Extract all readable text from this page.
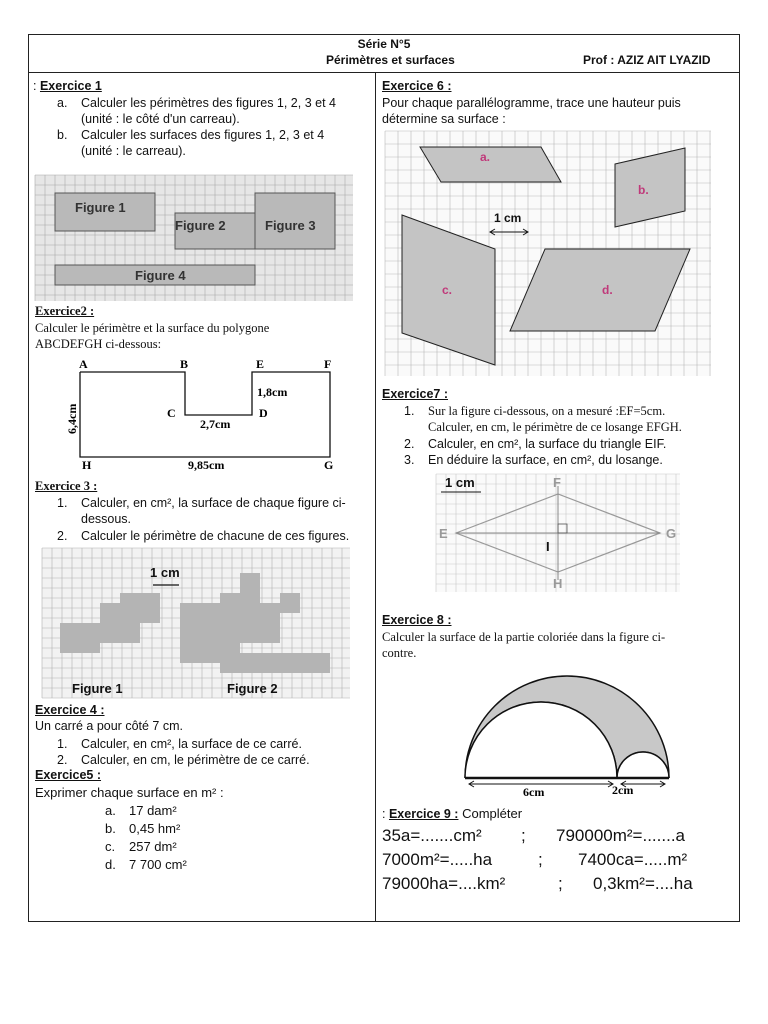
Série N°5
Périmètres et surfaces	Prof : AZIZ AIT LYAZID
: Exercice 1
a. Calculer les périmètres des figures 1, 2, 3 et 4
(unité : le côté d'un carreau).
b. Calculer les surfaces des figures 1, 2, 3 et 4
(unité : le carreau).
Figure 1
Figure 2	Figure 3
Figure 4
Exercice2 :
Calculer le périmètre et la surface du polygone
ABCDEFGH ci-dessous:
A	B	E	F
C	D
H	G
6,4cm
1,8cm
2,7cm
9,85cm
Exercice 3 :
1. Calculer, en cm², la surface de chaque figure ci-
dessous.
2. Calculer le périmètre de chacune de ces figures.
1 cm
Figure 1	Figure 2
Exercice 4 :
Un carré a pour côté 7 cm.
1. Calculer, en cm², la surface de ce carré.
2. Calculer, en cm, le périmètre de ce carré.
Exercice5 :
Exprimer chaque surface en m² :
a. 17 dam²
b. 0,45 hm²
c. 257 dm²
d. 7 700 cm²
Exercice 6 :
Pour chaque parallélogramme, trace une hauteur puis
détermine sa surface :
a.
b.
c.	d.
1 cm
Exercice7 :
1. Sur la figure ci-dessous, on a mesuré :EF=5cm.
Calculer, en cm, le périmètre de ce losange EFGH.
2. Calculer, en cm², la surface du triangle EIF.
3. En déduire la surface, en cm², du losange.
1 cm	F
E	G
I
H
Exercice 8 :
Calculer la surface de la partie coloriée dans la figure ci-
contre.
6cm	2cm
: Exercice 9 : Compléter
35a=.......cm² ; 790000m²=.......a
7000m²=.....ha	; 7400ca=.....m²
79000ha=....km²	; 0,3km²=....ha
